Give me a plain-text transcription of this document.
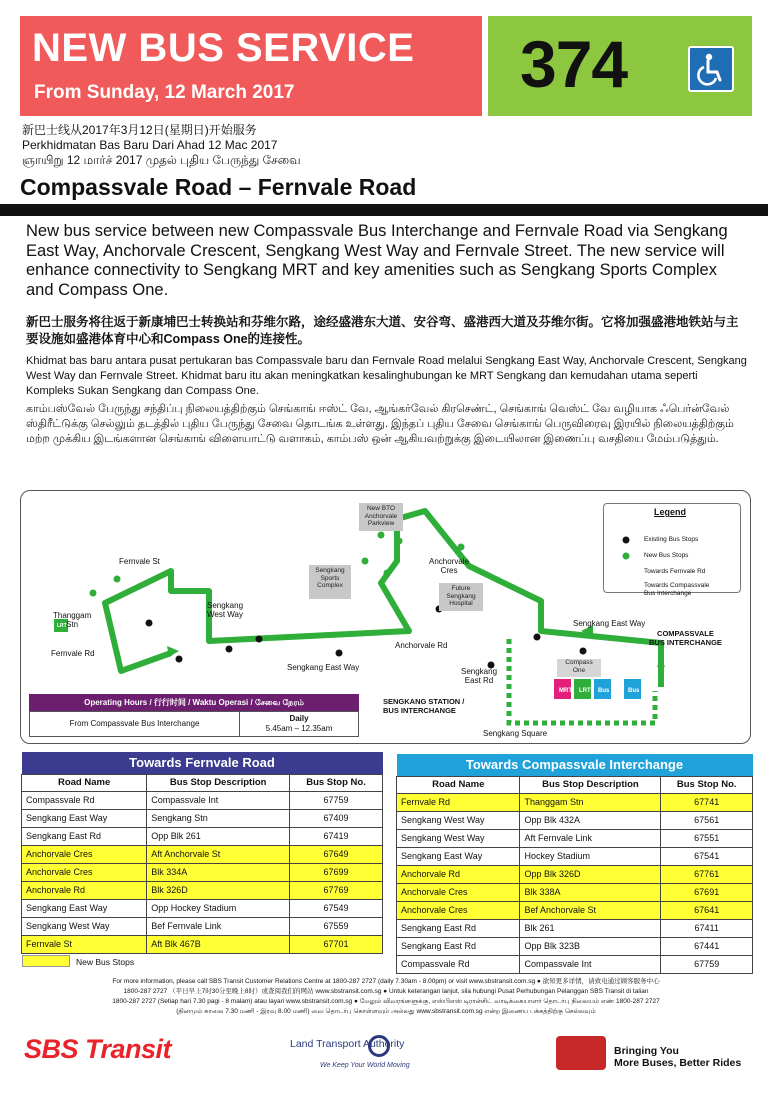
NEW BUS SERVICE
From Sunday, 12 March 2017	374
新巴士线从2017年3月12日(星期日)开始服务
Perkhidmatan Bas Baru Dari Ahad 12 Mac 2017
ஞாயிறு 12 மார்ச் 2017 முதல் புதிய பேருந்து சேவை
Compassvale Road – Fernvale Road
New bus service between new Compassvale Bus Interchange and Fernvale Road via Sengkang East Way, Anchorvale Crescent, Sengkang West Way and Fernvale Street. The new service will enhance connectivity to Sengkang MRT and key amenities such as Sengkang Sports Complex and Compass One.
新巴士服务将往返于新康埔巴士转换站和芬维尔路，途经盛港东大道、安谷弯、盛港西大道及芬维尔街。它将加强盛港地铁站与主要设施如盛港体育中心和Compass One的连接性。
Khidmat bas baru antara pusat pertukaran bas Compassvale baru dan Fernvale Road melalui Sengkang East Way, Anchorvale Crescent, Sengkang West Way dan Fernvale Street. Khidmat baru itu akan meningkatkan kesalinghubungan ke MRT Sengkang dan kemudahan utama seperti Kompleks Sukan Sengkang dan Compass One.
காம்பஸ்வேல் பேருந்து சந்திப்பு நிலையத்திற்கும் செங்காங் ஈஸ்ட் வே, ஆங்கர்வேல் கிரசெண்ட், செங்காங் வெஸ்ட் வே வழியாக ஃபெர்ன்வேல் ஸ்திரீட்டுக்கு செல்லும் தடத்தில் புதிய பேருந்து சேவை தொடங்க உள்ளது. இந்தப் புதிய சேவை செங்காங் பெருவிரைவு இரயில் நிலையத்திற்கும் மற்ற முக்கிய இடங்களான செங்காங் விளையாட்டு வளாகம், காம்பஸ் ஒன் ஆகியவற்றுக்கு இடையிலான இணைப்பு வசதியை மேம்படுத்தும்.
Fernvale St
Thanggam
Stn
Fernvale Rd
Sengkang
West Way
Sengkang
Sports
Complex
New BTO
Anchorvale
Parkview
Anchorvale
Cres
Future
Sengkang
Hospital
Anchorvale Rd
Sengkang East Way
Sengkang East Way
Sengkang
East Rd
Compass
One
MRT LRT Bus	Bus
LRT
COMPASSVALE
BUS INTERCHANGE
SENGKANG STATION /
BUS INTERCHANGE
Sengkang Square
Legend
Existing Bus Stops
New Bus Stops
Towards Fernvale Rd
Towards Compassvale
Bus Interchange
Operating Hours / 行行时间 / Waktu Operasi / சேவை நேரம்
From Compassvale Bus Interchange
Daily
5.45am – 12.35am
Towards Fernvale Road		
Road Name	Bus Stop Description	Bus Stop No.
Compassvale Rd	Compassvale Int	67759
Sengkang East Way	Sengkang Stn	67409
Sengkang East Rd	Opp Blk 261	67419
Anchorvale Cres	Aft Anchorvale St	67649
Anchorvale Cres	Blk 334A	67699
Anchorvale Rd	Blk 326D	67769
Sengkang East Way	Opp Hockey Stadium	67549
Sengkang West Way	Bef Fernvale Link	67559
Fernvale St	Aft Blk 467B	67701
Towards Compassvale Interchange		
Road Name	Bus Stop Description	Bus Stop No.
Fernvale Rd	Thanggam Stn	67741
Sengkang West Way	Opp Blk 432A	67561
Sengkang West Way	Aft Fernvale Link	67551
Sengkang East Way	Hockey Stadium	67541
Anchorvale Rd	Opp Blk 326D	67761
Anchorvale Cres	Blk 338A	67691
Anchorvale Cres	Bef Anchorvale St	67641
Sengkang East Rd	Blk 261	67411
Sengkang East Rd	Opp Blk 323B	67441
Compassvale Rd	Compassvale Int	67759
New Bus Stops
For more information, please call SBS Transit Customer Relations Centre at 1800-287 2727 (daily 7.30am - 8.00pm) or visit www.sbstransit.com.sg ● 欲知更多详情，请致电通过顾客服务中心
1800-287 2727 （平日早上7时30分至晚上8时）或查阅我们的网站 www.sbstransit.com.sg ● Untuk keterangan lanjut, sila hubungi Pusat Perhubungan Pelanggan SBS Transit di talian
1800-287 2727 (Setiap hari 7.30 pagi - 8 malam) atau layari www.sbstransit.com.sg ● மேலும் விவரங்களுக்கு, எஸ்பிஎஸ் டிரான்சிட் வாடிக்கையாளர் தொடர்பு நிலையம் எண் 1800-287 2727
(தினமும் காலை 7.30 மணி - இரவு 8.00 மணி) வை தொடர்பு கொள்ளவும் அல்லது www.sbstransit.com.sg என்ற இணைய பக்கத்திற்கு செல்லவும்
SBS Transit	Land Transport Authority
We Keep Your World Moving
Bringing You
More Buses, Better Rides
